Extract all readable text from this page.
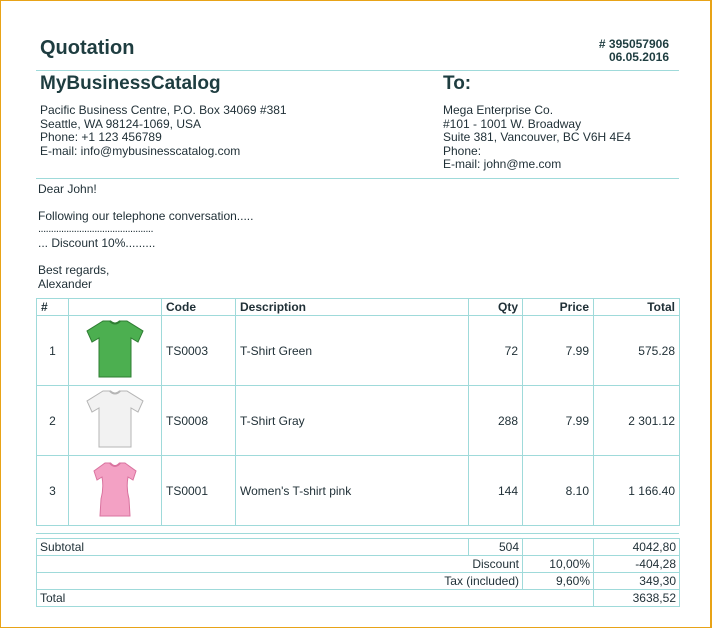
Quotation	# 395057906
06.05.2016
MyBusinessCatalog	To:
Pacific Business Centre, P.O. Box 34069 #381
Seattle, WA 98124-1069, USA
Phone: +1 123 456789
E-mail: info@mybusinesscatalog.com
Mega Enterprise Co.
#101 - 1001 W. Broadway
Suite 381, Vancouver, BC V6H 4E4
Phone:
E-mail: john@me.com
Dear John!
Following our telephone conversation.....
.............................................
... Discount 10%.........
Best regards,
Alexander
#		Code	Description	Qty	Price	Total
1		TS0003	T-Shirt Green	72	7.99	575.28
2		TS0008	T-Shirt Gray	288	7.99	2 301.12
3		TS0001	Women's T-shirt pink	144	8.10	1 166.40
Subtotal	504		4042,80
Discount		10,00%	-404,28
Tax (included)		9,60%	349,30
Total			3638,52
